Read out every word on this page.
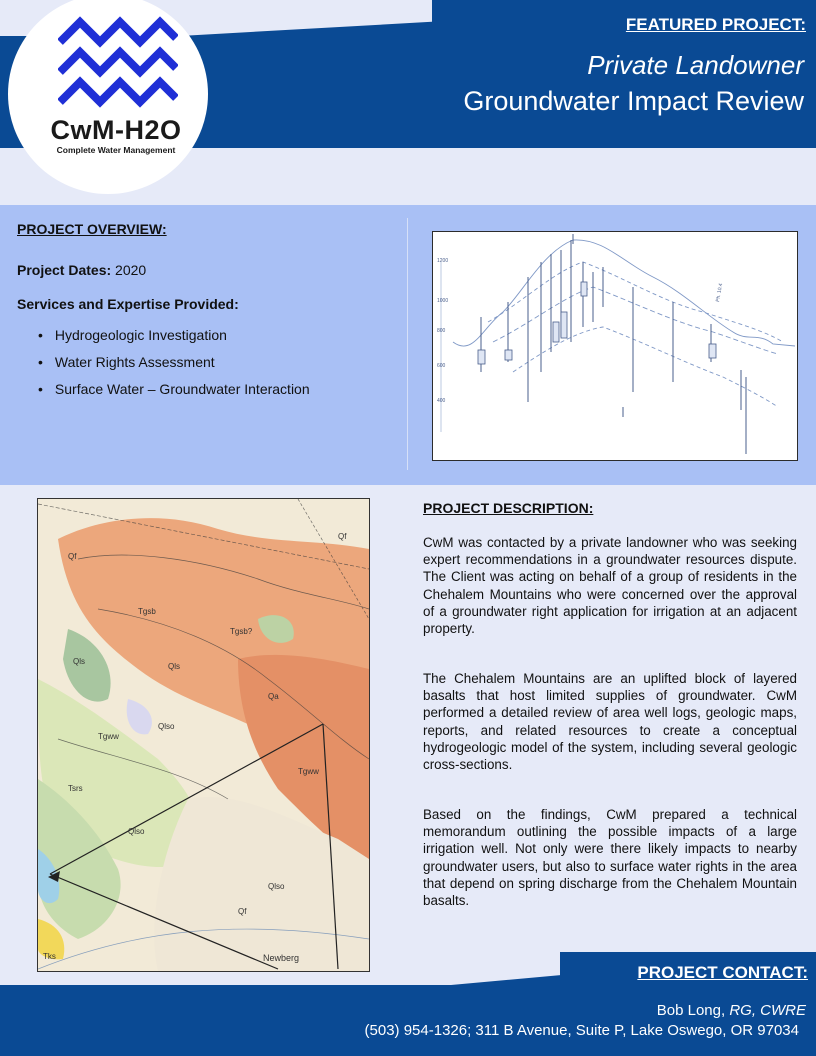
FEATURED PROJECT:
Private Landowner
Groundwater Impact Review
CwM-H2O
Complete Water Management
PROJECT OVERVIEW:
Project Dates: 2020
Services and Expertise Provided:
• Hydrogeologic Investigation
• Water Rights Assessment
• Surface Water – Groundwater Interaction
1200
1000
800
600
400
Ph. 10.4
Qf
Qls
Tgsb
Tgsb?
Qlso
Qa
Tgww
Tsrs
Tks
Qf
Qlso
Tgww
Qls
Qf
Qlso
Newberg
PROJECT DESCRIPTION:

CwM was contacted by a private landowner who was seeking expert recommendations in a groundwater resources dispute. The Client was acting on behalf of a group of residents in the Chehalem Mountains who were concerned over the approval of a groundwater right application for irrigation at an adjacent property.

The Chehalem Mountains are an uplifted block of layered basalts that host limited supplies of groundwater. CwM performed a detailed review of area well logs, geologic maps, reports, and related resources to create a conceptual hydrogeologic model of the system, including several geologic cross-sections.

Based on the findings, CwM prepared a technical memorandum outlining the possible impacts of a large irrigation well. Not only were there likely impacts to nearby groundwater users, but also to surface water rights in the area that depend on spring discharge from the Chehalem Mountain basalts.

PROJECT CONTACT:
Bob Long, RG, CWRE
(503) 954-1326; 311 B Avenue, Suite P, Lake Oswego, OR 97034
